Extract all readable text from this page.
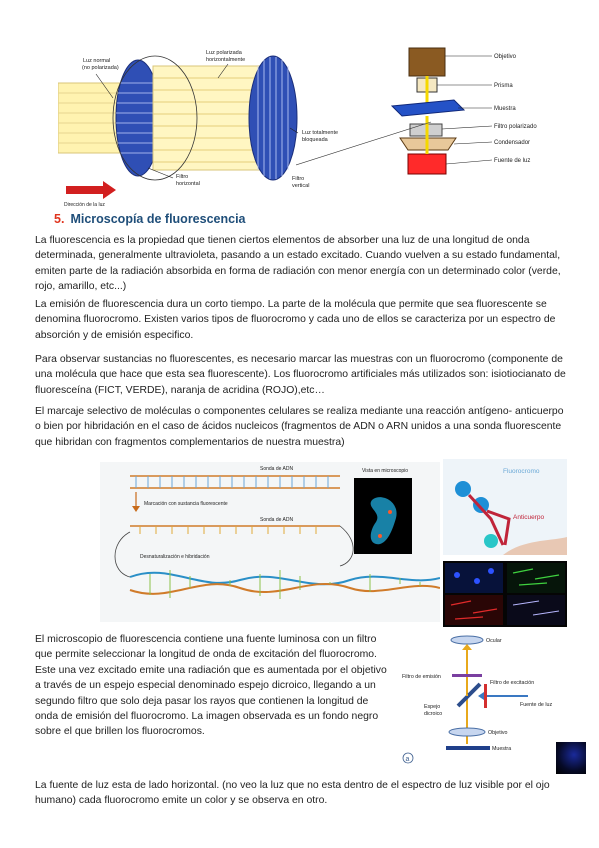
Luz normal (no polarizada)
Luz polarizada horizontalmente
Luz totalmente bloqueada
Filtro horizontal
Filtro vertical
Dirección de la luz
Objetivo
Prisma
Muestra
Filtro polarizado
Condensador
Fuente de luz
5. Microscopía de fluorescencia
La fluorescencia es la propiedad que tienen ciertos elementos de absorber una luz de una longitud de onda determinada, generalmente ultravioleta, pasando a un estado excitado. Cuando vuelven a su estado fundamental, emiten parte de la radiación absorbida en forma de radiación con menor energía con un determinado color (verde, rojo, amarillo, etc...)
La emisión de fluorescencia dura un corto tiempo. La parte de la molécula que permite que sea fluorescente se denomina fluorocromo. Existen varios tipos de fluorocromo y cada uno de ellos se caracteriza por un espectro de absorción y de emisión especifico.
Para observar sustancias no fluorescentes, es necesario marcar las muestras con un fluorocromo (componente de una molécula que hace que esta sea fluorescente). Los fluorocromo artificiales más utilizados son: isiotiocianato de fluoresceína (FICT, VERDE), naranja de acridina (ROJO),etc…
El marcaje selectivo de moléculas o componentes celulares se realiza mediante una reacción antígeno- anticuerpo o bien por hibridación en el caso de ácidos nucleicos (fragmentos de ADN o ARN unidos a una sonda fluorescente que hibridan con fragmentos complementarios de nuestra muestra)
Sonda de ADN
Marcación con sustancia fluorescente
Sonda de ADN
Desnaturalización e hibridación
Vista en microscopio	Fluorocromo
Anticuerpo
El microscopio de fluorescencia contiene una fuente luminosa con un filtro que permite seleccionar la longitud de onda de excitación del fluorocromo. Este una vez excitado emite una radiación que es aumentada por el objetivo a través de un espejo especial denominado espejo dicroico, llegando a un segundo filtro que solo deja pasar los rayos que contienen la longitud de onda de emisión del fluorocromo. La imagen observada es un fondo negro sobre el que brillen los fluorocromos.
a
Ocular
Filtro de emisión
Filtro de excitación
Espejo dicroico
Fuente de luz
Objetivo
Muestra
La fuente de luz esta de lado horizontal. (no veo la luz que no esta dentro de el espectro de luz visible por el ojo humano) cada fluorocromo emite un color y se observa en otro.
